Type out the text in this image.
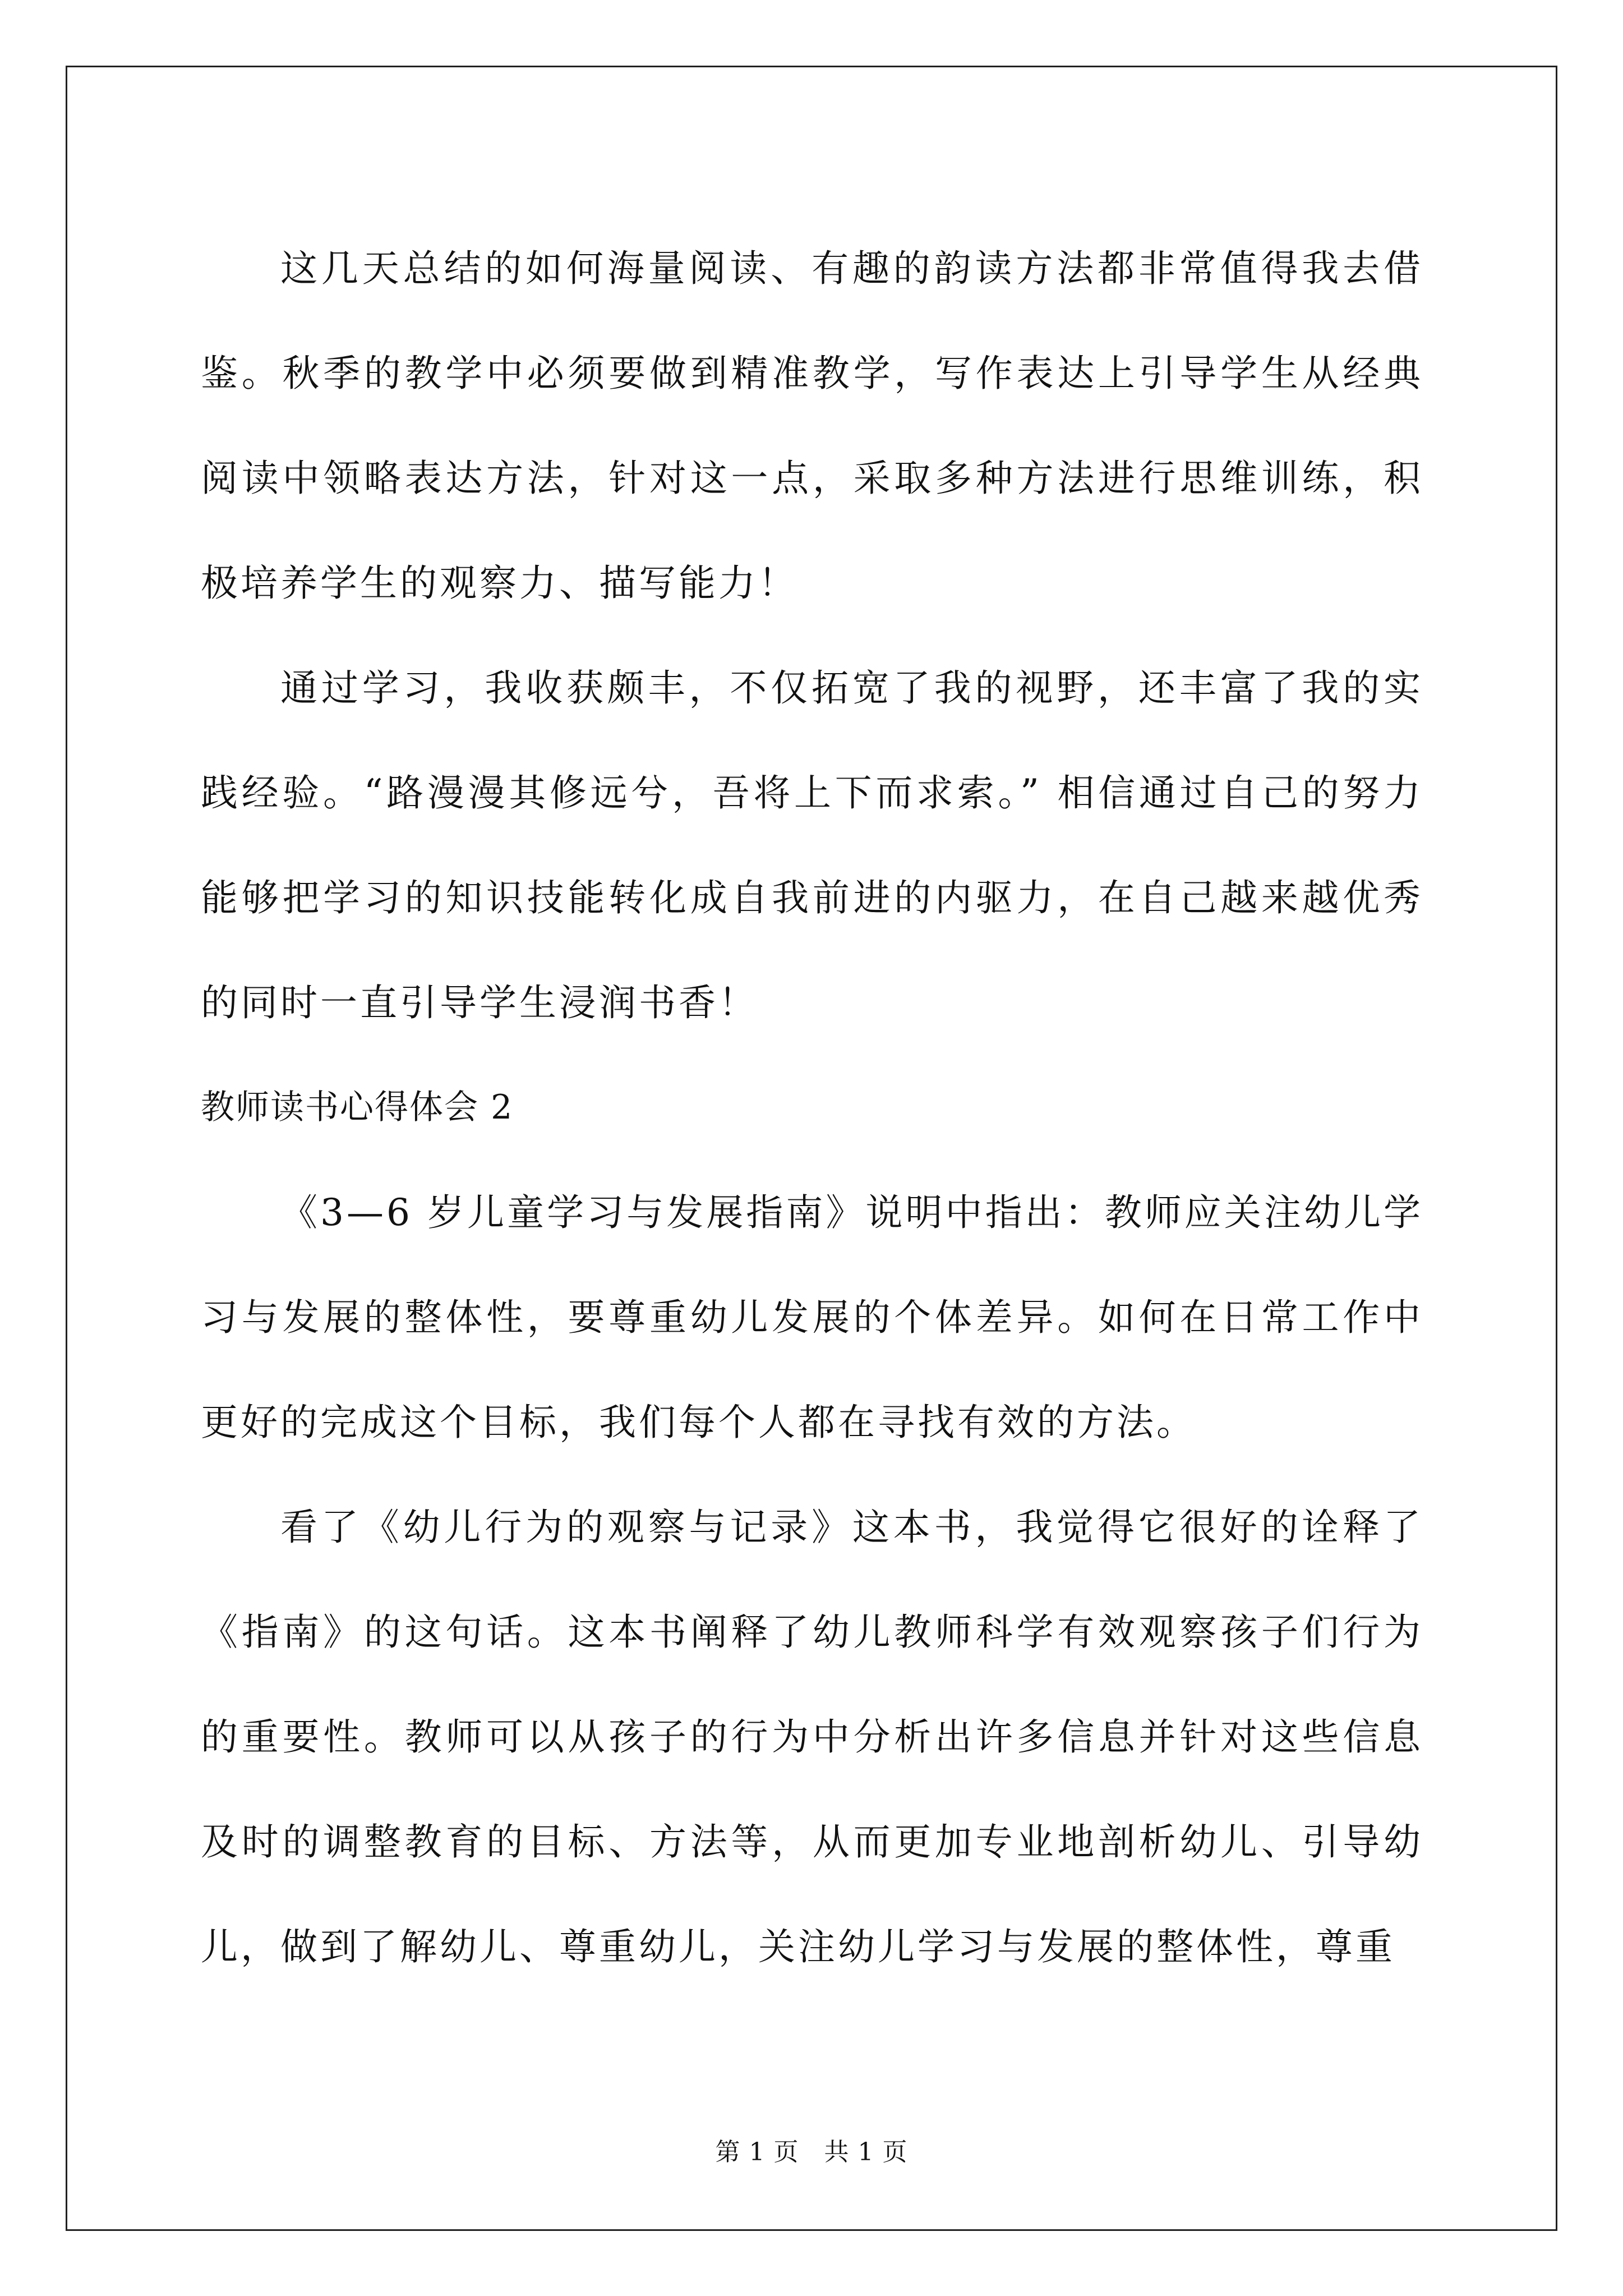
这几天总结的如何海量阅读、有趣的韵读方法都非常值得我去借鉴。秋季的教学中必须要做到精准教学，写作表达上引导学生从经典阅读中领略表达方法，针对这一点，采取多种方法进行思维训练，积极培养学生的观察力、描写能力！

通过学习，我收获颇丰，不仅拓宽了我的视野，还丰富了我的实践经验。“路漫漫其修远兮，吾将上下而求索。” 相信通过自己的努力能够把学习的知识技能转化成自我前进的内驱力，在自己越来越优秀的同时一直引导学生浸润书香！

教师读书心得体会 2

《3—6 岁儿童学习与发展指南》说明中指出：教师应关注幼儿学习与发展的整体性，要尊重幼儿发展的个体差异。如何在日常工作中更好的完成这个目标，我们每个人都在寻找有效的方法。

看了《幼儿行为的观察与记录》这本书，我觉得它很好的诠释了《指南》的这句话。这本书阐释了幼儿教师科学有效观察孩子们行为的重要性。教师可以从孩子的行为中分析出许多信息并针对这些信息及时的调整教育的目标、方法等，从而更加专业地剖析幼儿、引导幼儿，做到了解幼儿、尊重幼儿，关注幼儿学习与发展的整体性，尊重

第 1 页 共 1 页
